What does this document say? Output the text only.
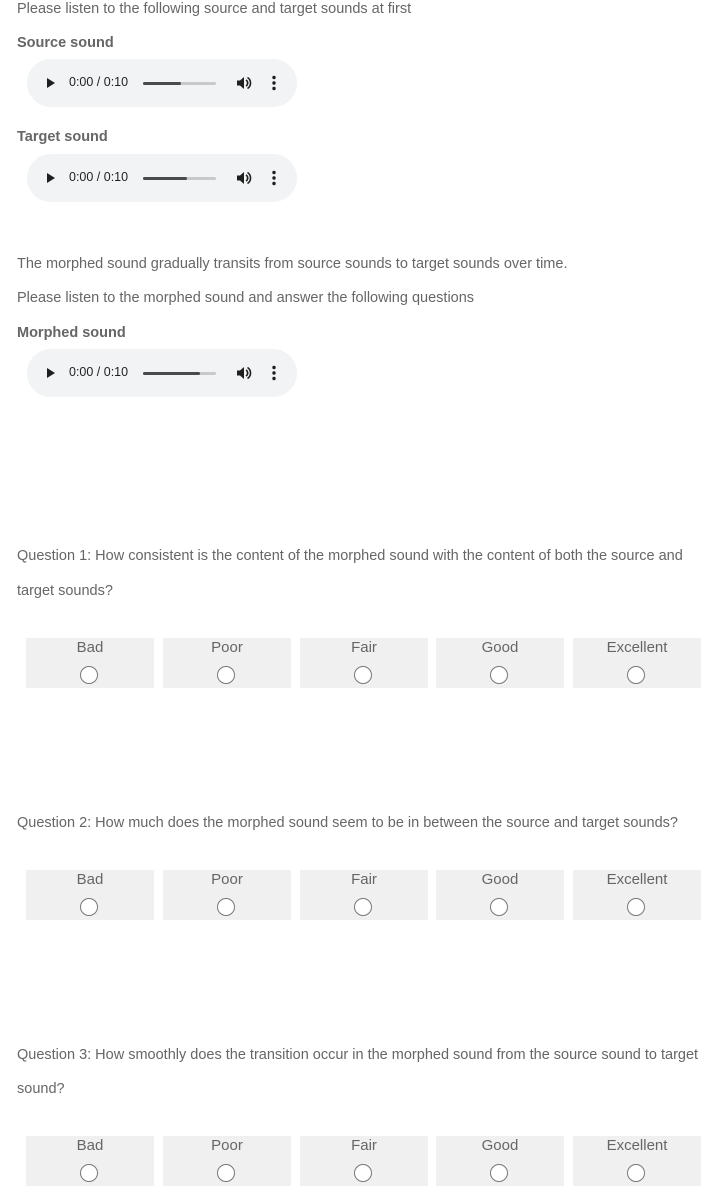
Please listen to the following source and target sounds at first
Source sound
0:00 / 0:10
Target sound
0:00 / 0:10
The morphed sound gradually transits from source sounds to target sounds over time.
Please listen to the morphed sound and answer the following questions
Morphed sound
0:00 / 0:10
Question 1: How consistent is the content of the morphed sound with the content of both the source and
target sounds?
Bad	Poor	Fair	Good	Excellent
Question 2: How much does the morphed sound seem to be in between the source and target sounds?
Bad	Poor	Fair	Good	Excellent
Question 3: How smoothly does the transition occur in the morphed sound from the source sound to target
sound?
Bad	Poor	Fair	Good	Excellent
